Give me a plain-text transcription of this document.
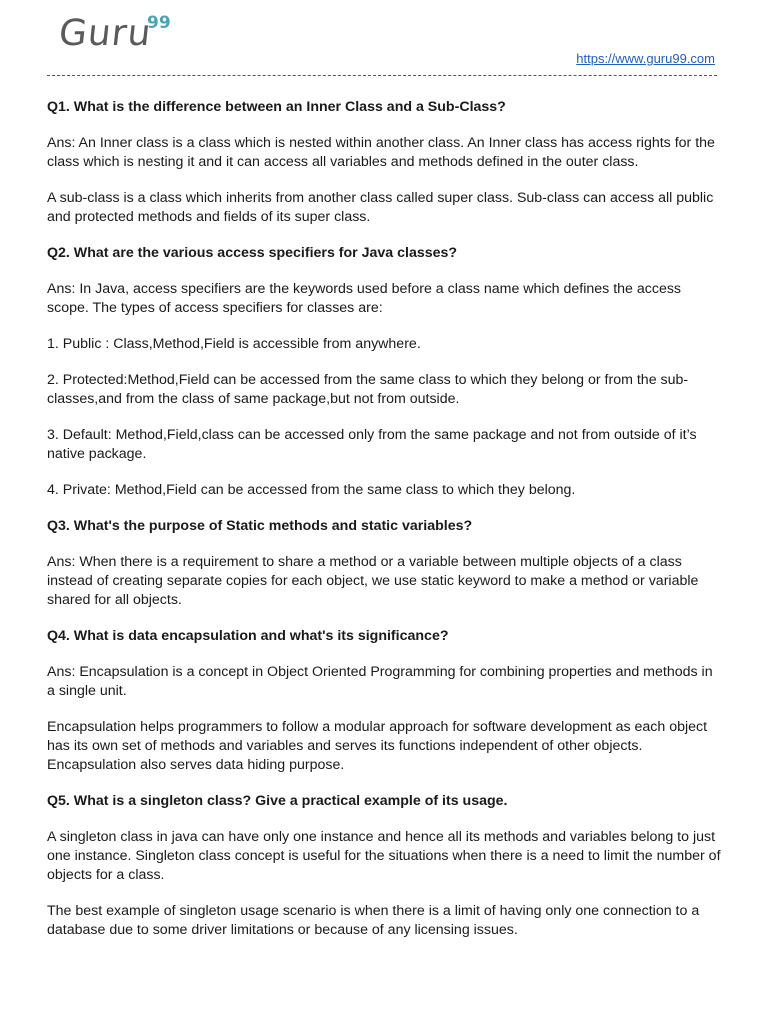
Guru
99
https://www.guru99.com
Q1. What is the difference between an Inner Class and a Sub-Class?
Ans: An Inner class is a class which is nested within another class. An Inner class has access rights for the class which is nesting it and it can access all variables and methods defined in the outer class.
A sub-class is a class which inherits from another class called super class. Sub-class can access all public and protected methods and fields of its super class.
Q2. What are the various access specifiers for Java classes?
Ans: In Java, access specifiers are the keywords used before a class name which defines the access scope. The types of access specifiers for classes are:
1. Public : Class,Method,Field is accessible from anywhere.
2. Protected:Method,Field can be accessed from the same class to which they belong or from the sub-classes,and from the class of same package,but not from outside.
3. Default: Method,Field,class can be accessed only from the same package and not from outside of it’s native package.
4. Private: Method,Field can be accessed from the same class to which they belong.
Q3. What's the purpose of Static methods and static variables?
Ans: When there is a requirement to share a method or a variable between multiple objects of a class instead of creating separate copies for each object, we use static keyword to make a method or variable shared for all objects.
Q4. What is data encapsulation and what's its significance?
Ans: Encapsulation is a concept in Object Oriented Programming for combining properties and methods in a single unit.
Encapsulation helps programmers to follow a modular approach for software development as each object has its own set of methods and variables and serves its functions independent of other objects. Encapsulation also serves data hiding purpose.
Q5. What is a singleton class? Give a practical example of its usage.
A singleton class in java can have only one instance and hence all its methods and variables belong to just one instance. Singleton class concept is useful for the situations when there is a need to limit the number of objects for a class.
The best example of singleton usage scenario is when there is a limit of having only one connection to a database due to some driver limitations or because of any licensing issues.
